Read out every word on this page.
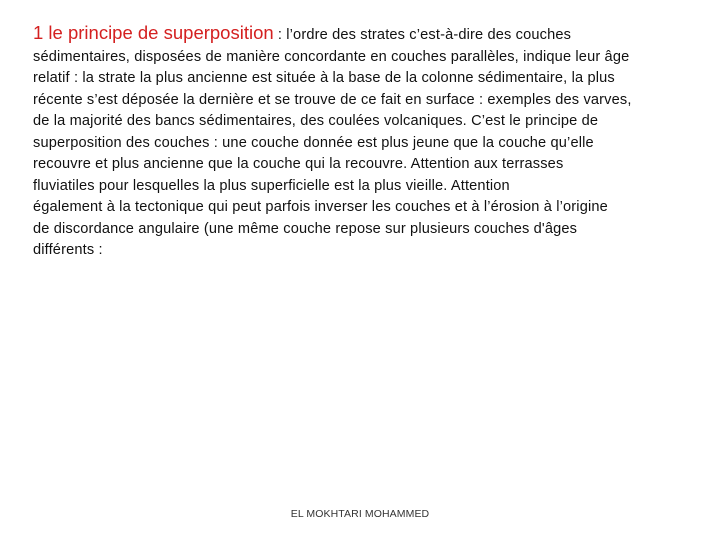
1 le principe de superposition : l’ordre des strates c’est-à-dire des couches
sédimentaires, disposées de manière concordante en couches parallèles, indique leur âge
relatif : la strate la plus ancienne est située à la base de la colonne sédimentaire, la plus
récente s’est déposée la dernière et se trouve de ce fait en surface : exemples des varves,
de la majorité des bancs sédimentaires, des coulées volcaniques. C’est le principe de
superposition des couches : une couche donnée est plus jeune que la couche qu’elle
recouvre et plus ancienne que la couche qui la recouvre. Attention aux terrasses
fluviatiles pour lesquelles la plus superficielle est la plus vieille. Attention
également à la tectonique qui peut parfois inverser les couches et à l’érosion à l’origine
de discordance angulaire (une même couche repose sur plusieurs couches d'âges
différents :
EL MOKHTARI MOHAMMED
